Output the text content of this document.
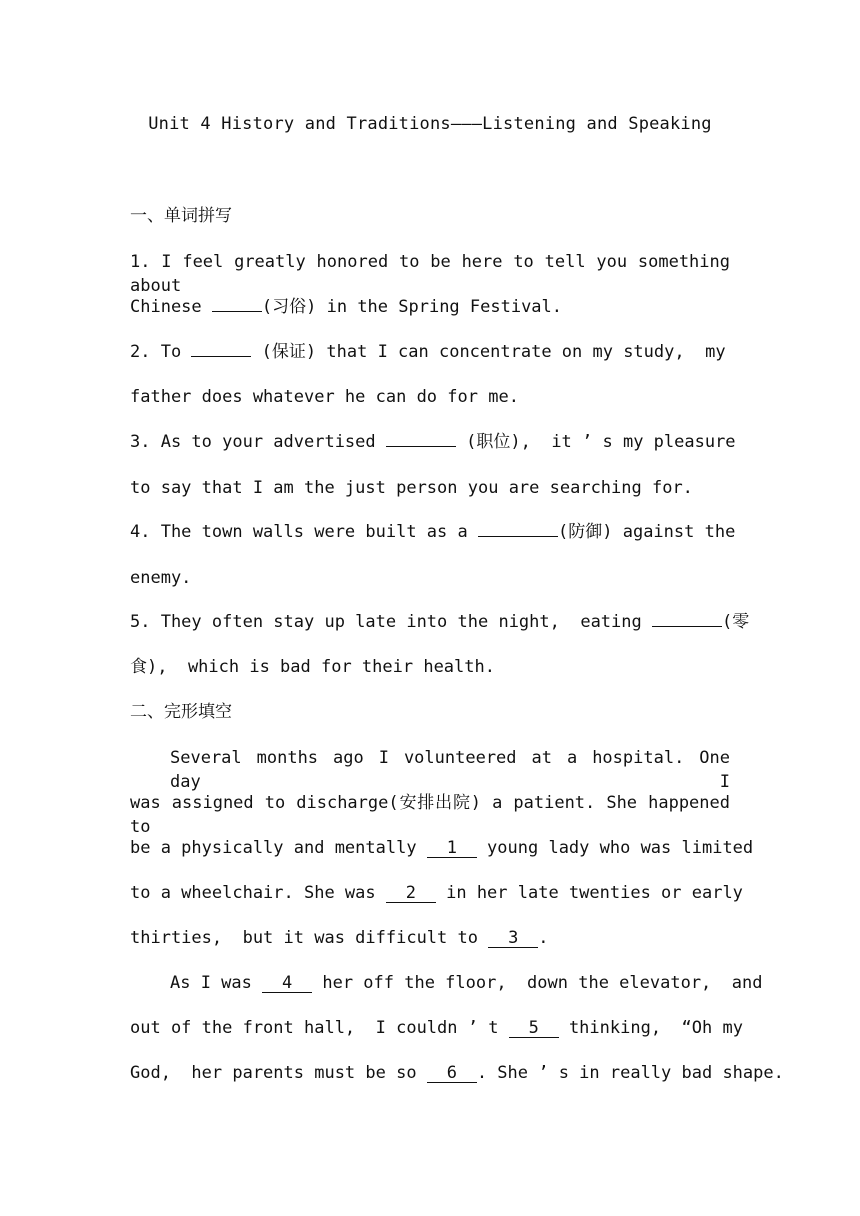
Unit 4 History and Traditions———Listening and Speaking
一、单词拼写
1. I feel greatly honored to be here to tell you something about
Chinese	(习俗) in the Spring Festival.
2. To	(保证) that I can concentrate on my study,  my
father does whatever he can do for me.
3. As to your advertised	(职位),  it ’ s my pleasure
to say that I am the just person you are searching for.
4. The town walls were built as a	(防御) against the
enemy.
5. They often stay up late into the night,  eating	(零
食),  which is bad for their health.
二、完形填空
Several months ago I volunteered at a hospital. One day I
was assigned to discharge(安排出院) a patient. She happened to
be a physically and mentally 1 young lady who was limited
to a wheelchair. She was 2 in her late twenties or early
thirties,  but it was difficult to 3 .
As I was 4 her off the floor,  down the elevator,  and
out of the front hall,  I couldn ’ t 5 thinking,  “Oh my
God,  her parents must be so 6 . She ’ s in really bad shape.
